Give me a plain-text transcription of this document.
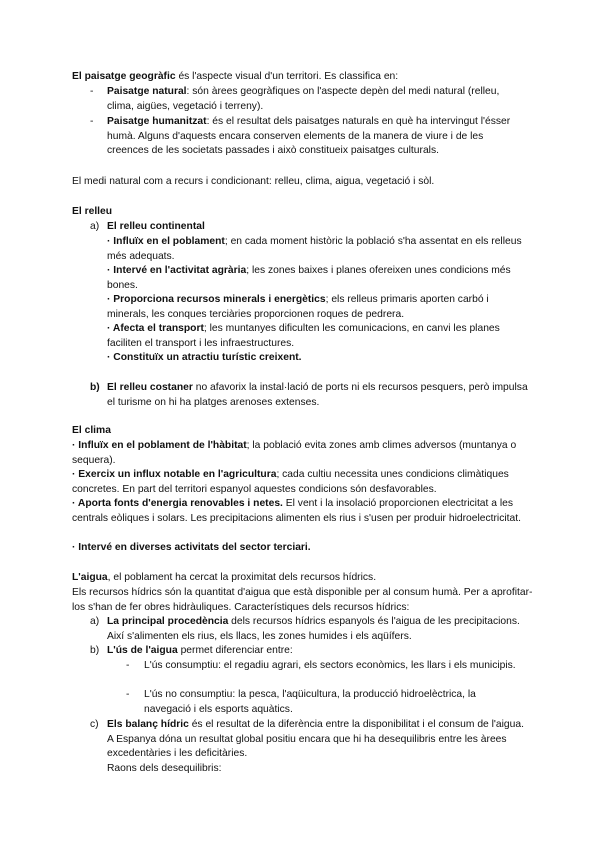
El paisatge geogràfic és l'aspecte visual d'un territori. Es classifica en:

- Paisatge natural: són àrees geogràfiques on l'aspecte depèn del medi natural (relleu, clima, aigües, vegetació i terreny).

- Paisatge humanitzat: és el resultat dels paisatges naturals en què ha intervingut l'ésser humà. Alguns d'aquests encara conserven elements de la manera de viure i de les creences de les societats passades i això constitueix paisatges culturals.

El medi natural com a recurs i condicionant: relleu, clima, aigua, vegetació i sòl.

El relleu

a) El relleu continental

· Influïx en el poblament; en cada moment històric la població s'ha assentat en els relleus més adequats.

· Intervé en l'activitat agrària; les zones baixes i planes ofereixen unes condicions més bones.

· Proporciona recursos minerals i energètics; els relleus primaris aporten carbó i minerals, les conques terciàries proporcionen roques de pedrera.

· Afecta el transport; les muntanyes dificulten les comunicacions, en canvi les planes faciliten el transport i les infraestructures.

· Constituïx un atractiu turístic creixent.

b) El relleu costaner no afavorix la instal·lació de ports ni els recursos pesquers, però impulsa el turisme on hi ha platges arenoses extenses.

El clima

· Influïx en el poblament de l'hàbitat; la població evita zones amb climes adversos (muntanya o sequera).

· Exercix un influx notable en l'agricultura; cada cultiu necessita unes condicions climàtiques concretes. En part del territori espanyol aquestes condicions són desfavorables.

· Aporta fonts d'energia renovables i netes. El vent i la insolació proporcionen electricitat a les centrals eòliques i solars. Les precipitacions alimenten els rius i s'usen per produir hidroelectricitat.

· Intervé en diverses activitats del sector terciari.

L'aigua, el poblament ha cercat la proximitat dels recursos hídrics.

Els recursos hídrics són la quantitat d'aigua que està disponible per al consum humà. Per a aprofitar-los s'han de fer obres hidràuliques. Característiques dels recursos hídrics:

a) La principal procedència dels recursos hídrics espanyols és l'aigua de les precipitacions. Així s'alimenten els rius, els llacs, les zones humides i els aqüífers.

b) L'ús de l'aigua permet diferenciar entre:

- L'ús consumptiu: el regadiu agrari, els sectors econòmics, les llars i els municipis.

- L'ús no consumptiu: la pesca, l'aqüicultura, la producció hidroelèctrica, la navegació i els esports aquàtics.

c) Els balanç hídric és el resultat de la diferència entre la disponibilitat i el consum de l'aigua. A Espanya dóna un resultat global positiu encara que hi ha desequilibris entre les àrees excedentàries i les deficitàries.

Raons dels desequilibris:
